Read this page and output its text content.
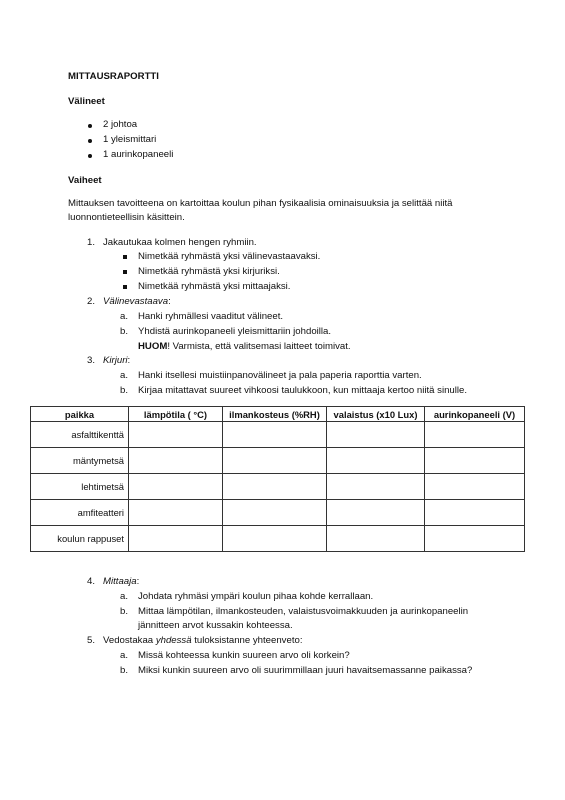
MITTAUSRAPORTTI
Välineet
2 johtoa
1 yleismittari
1 aurinkopaneeli
Vaiheet
Mittauksen tavoitteena on kartoittaa koulun pihan fysikaalisia ominaisuuksia ja selittää niitä
luonnontieteellisin käsittein.
1. Jakautukaa kolmen hengen ryhmiin.
Nimetkää ryhmästä yksi välinevastaavaksi.
Nimetkää ryhmästä yksi kirjuriksi.
Nimetkää ryhmästä yksi mittaajaksi.
2. Välinevastaava:
a. Hanki ryhmällesi vaaditut välineet.
b. Yhdistä aurinkopaneeli yleismittariin johdoilla.
HUOM! Varmista, että valitsemasi laitteet toimivat.
3. Kirjuri:
a. Hanki itsellesi muistiinpanovälineet ja pala paperia raporttia varten.
b. Kirjaa mitattavat suureet vihkoosi taulukkoon, kun mittaaja kertoo niitä sinulle.
paikka	lämpötila ( °C)	ilmankosteus (%RH)	valaistus (x10 Lux)	aurinkopaneeli (V)
asfalttikenttä				
mäntymetsä				
lehtimetsä				
amfiteatteri				
koulun rappuset				
4. Mittaaja:
a. Johdata ryhmäsi ympäri koulun pihaa kohde kerrallaan.
b. Mittaa lämpötilan, ilmankosteuden, valaistusvoimakkuuden ja aurinkopaneelin
jännitteen arvot kussakin kohteessa.
5. Vedostakaa yhdessä tuloksistanne yhteenveto:
a. Missä kohteessa kunkin suureen arvo oli korkein?
b. Miksi kunkin suureen arvo oli suurimmillaan juuri havaitsemassanne paikassa?
